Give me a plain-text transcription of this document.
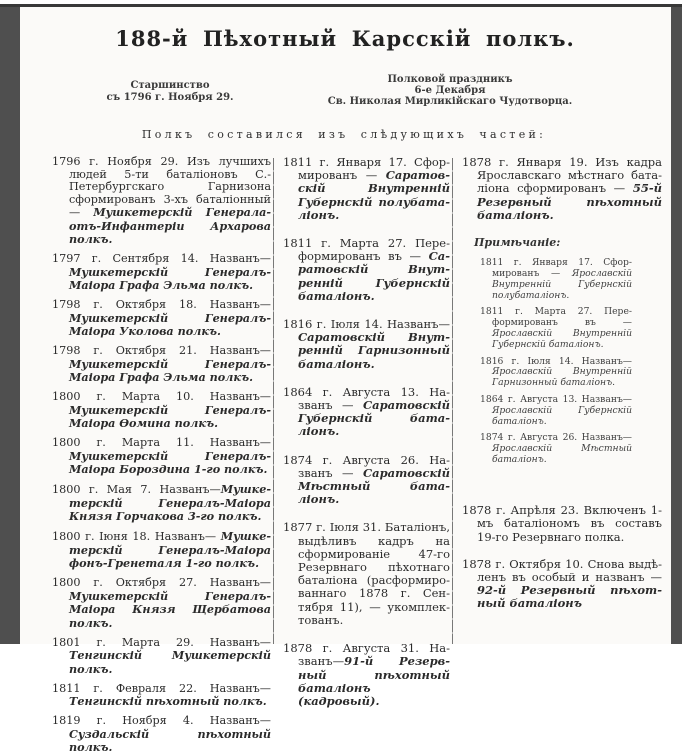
188-й Пѣхотный Карсскій полкъ.
Старшинство
съ 1796 г. Ноября 29.
Полковой праздникъ
6-е Декабря
Св. Николая Мирликійскаго Чудотворца.
Полкъ составился изъ слѣдующихъ частей:

1796 г. Ноября 29. Изъ лучшихъ людей 5-ти баталіоновъ С.-Петербургскаго Гарнизона сформированъ 3-хъ баталіонный — Мушкетерскій Генерала-отъ-Инфантеріи Архарова полкъ.

1797 г. Сентября 14. Названъ—Мушкетерскій Генералъ-Маіора Графа Эльма полкъ.

1798 г. Октября 18. Названъ—Мушкетерскій Генералъ-Маіора Уколова полкъ.

1798 г. Октября 21. Названъ—Мушкетерскій Генералъ-Маіора Графа Эльма полкъ.

1800 г. Марта 10. Названъ—Мушкетерскій Генералъ-Маіора Ѳомина полкъ.

1800 г. Марта 11. Названъ—Мушкетерскій Генералъ-Маіора Бороздина 1-го полкъ.

1800 г. Мая 7. Названъ—Мушкетерскій Генералъ-Маіора Князя Горчакова 3-го полкъ.

1800 г. Іюня 18. Названъ— Мушкетерскій Генералъ-Маіора фонъ-Гренеталя 1-го полкъ.

1800 г. Октября 27. Названъ—Мушкетерскій Генералъ-Маіора Князя Щербатова полкъ.

1801 г. Марта 29. Названъ—Тенгинскій Мушкетерскій полкъ.

1811 г. Февраля 22. Названъ—Тенгинскій пѣхотный полкъ.

1819 г. Ноября 4. Названъ—Суздальскій пѣхотный полкъ.

1811 г. Января 17. Сформированъ — Саратовскій Внутренній Губернскій полубаталіонъ.

1811 г. Марта 27. Переформированъ въ — Саратовскій Внутренній Губернскій баталіонъ.

1816 г. Іюля 14. Названъ— Саратовскій Внутренній Гарнизонный баталіонъ.

1864 г. Августа 13. Названъ — Саратовскій Губернскій баталіонъ.

1874 г. Августа 26. Названъ — Саратовскій Мѣстный баталіонъ.

1877 г. Іюля 31. Баталіонъ, выдѣливъ кадръ на сформированіе 47-го Резервнаго пѣхотнаго баталіона (расформированнаго 1878 г. Сентября 11), — укомплектованъ.

1878 г. Августа 31. Названъ—91-й Резервный пѣхотный баталіонъ (кадровый).

1878 г. Января 19. Изъ кадра Ярославскаго мѣстнаго баталіона сформированъ — 55-й Резервный пѣхотный баталіонъ.

Примѣчаніе:

1811 г. Января 17. Сформированъ — Ярославскій Внутренній Губернскій полубаталіонъ.

1811 г. Марта 27. Переформированъ въ — Ярославскій Внутренній Губернскій баталіонъ.

1816 г. Іюля 14. Названъ—Ярославскій Внутренній Гарнизонный баталіонъ.

1864 г. Августа 13. Названъ—Ярославскій Губернскій баталіонъ.

1874 г. Августа 26. Названъ—Ярославскій Мѣстный баталіонъ.

1878 г. Апрѣля 23. Включенъ 1-мъ баталіономъ въ составъ 19-го Резервнаго полка.

1878 г. Октября 10. Снова выдѣленъ въ особый и названъ — 92-й Резервный пѣхотный баталіонъ
